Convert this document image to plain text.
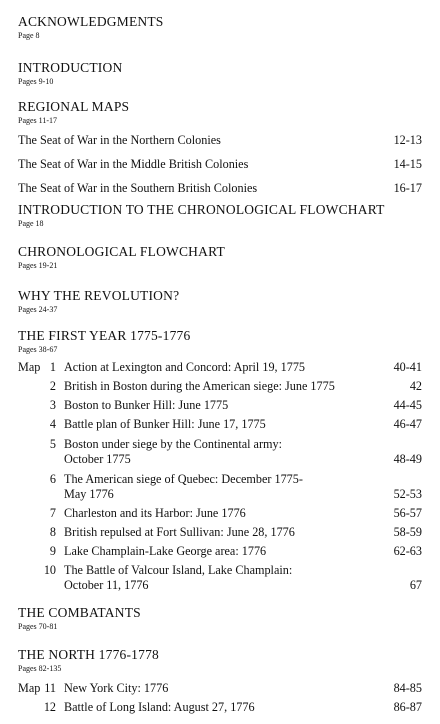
ACKNOWLEDGMENTS
Page 8
INTRODUCTION
Pages 9-10
REGIONAL MAPS
Pages 11-17
The Seat of War in the Northern Colonies	12-13
The Seat of War in the Middle British Colonies	14-15
The Seat of War in the Southern British Colonies	16-17
INTRODUCTION TO THE CHRONOLOGICAL FLOWCHART
Page 18
CHRONOLOGICAL FLOWCHART
Pages 19-21
WHY THE REVOLUTION?
Pages 24-37
THE FIRST YEAR 1775-1776
Pages 38-67
Map 1 Action at Lexington and Concord: April 19, 1775	40-41
2 British in Boston during the American siege: June 1775	42
3 Boston to Bunker Hill: June 1775	44-45
4 Battle plan of Bunker Hill: June 17, 1775	46-47
5 Boston under siege by the Continental army:
October 1775	48-49
6 The American siege of Quebec: December 1775-
May 1776	52-53
7 Charleston and its Harbor: June 1776	56-57
8 British repulsed at Fort Sullivan: June 28, 1776	58-59
9 Lake Champlain-Lake George area: 1776	62-63
10 The Battle of Valcour Island, Lake Champlain:
October 11, 1776	67
THE COMBATANTS
Pages 70-81
THE NORTH 1776-1778
Pages 82-135
Map 11 New York City: 1776	84-85
12 Battle of Long Island: August 27, 1776	86-87
